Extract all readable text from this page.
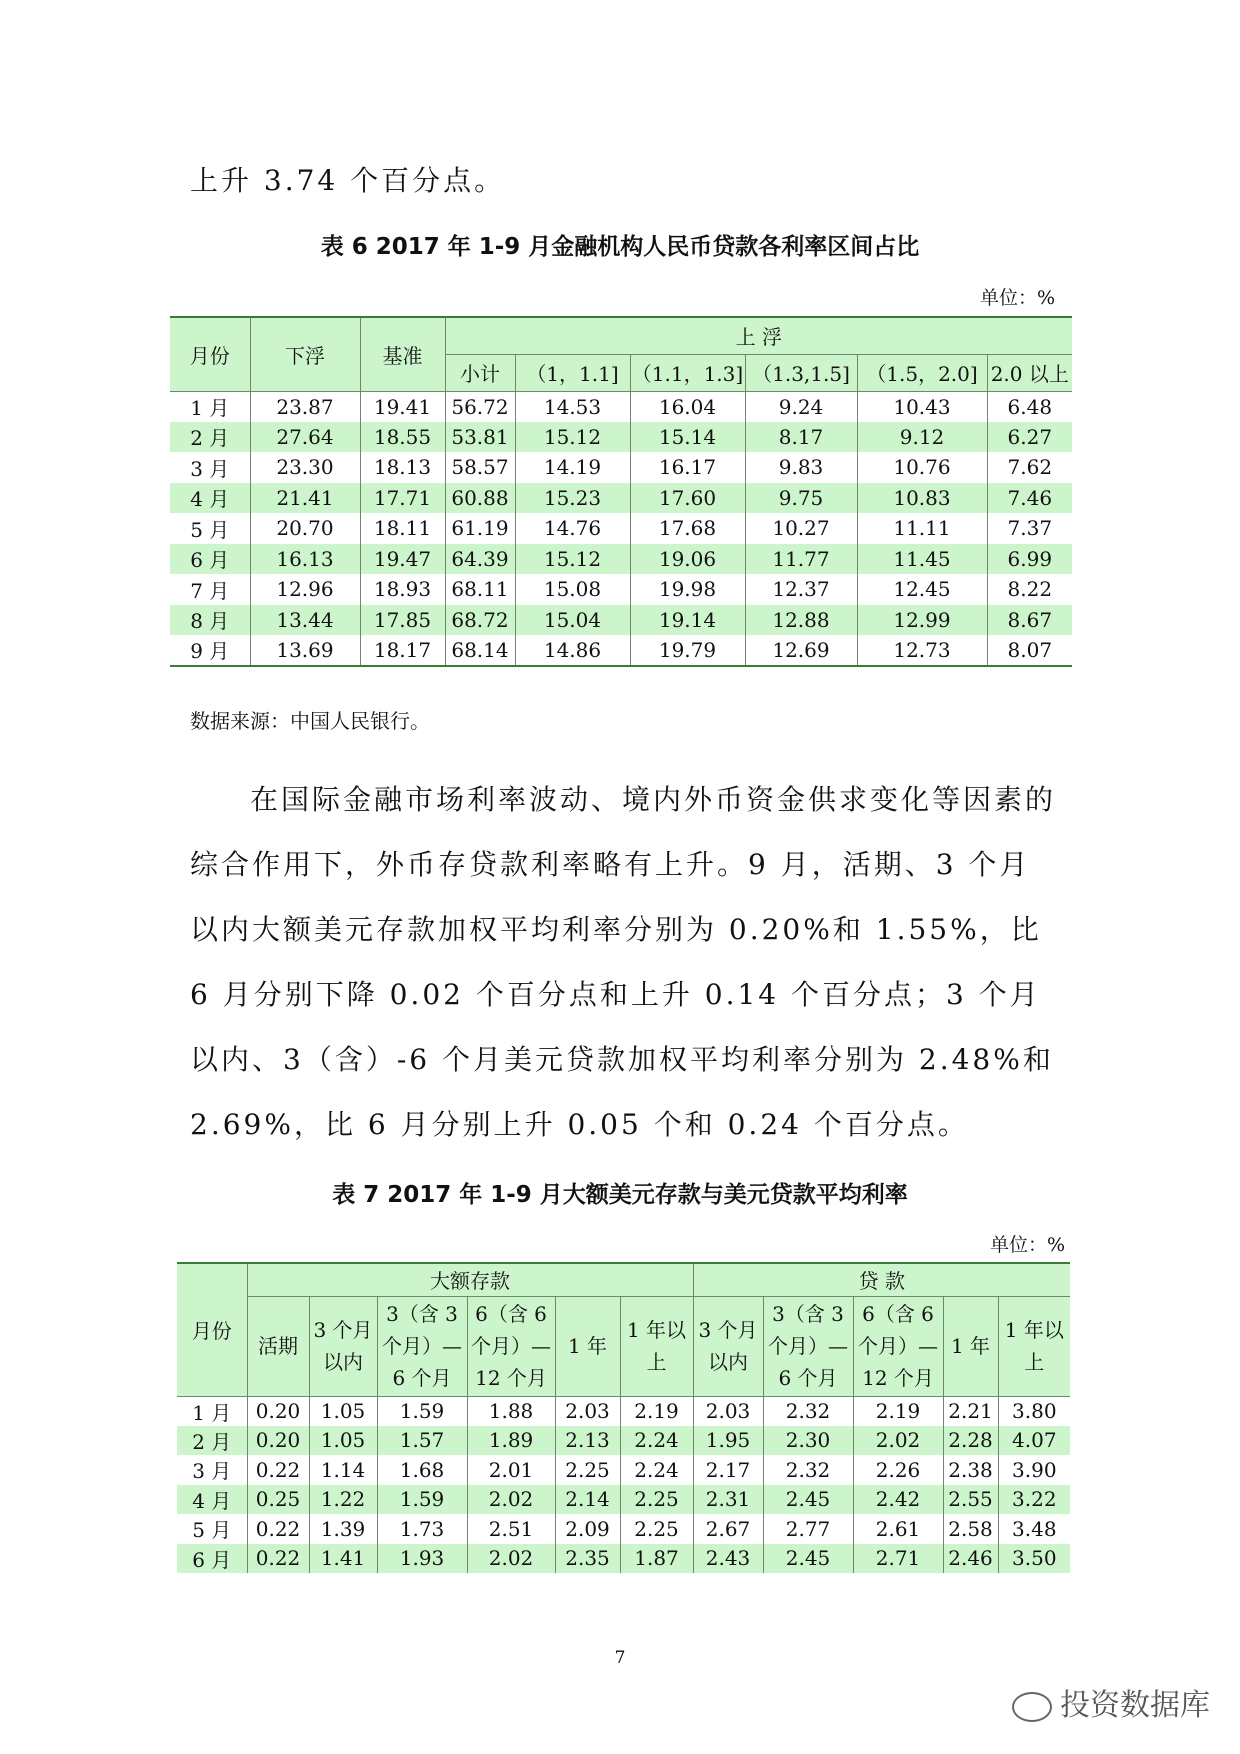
上升 3.74 个百分点。
表 6 2017 年 1-9 月金融机构人民币贷款各利率区间占比
单位：%
月份	下浮	基准	上 浮					
			小计	（1，1.1]	（1.1，1.3]	（1.3,1.5]	（1.5，2.0]	2.0 以上
1 月	23.87	19.41	56.72	14.53	16.04	9.24	10.43	6.48
2 月	27.64	18.55	53.81	15.12	15.14	8.17	9.12	6.27
3 月	23.30	18.13	58.57	14.19	16.17	9.83	10.76	7.62
4 月	21.41	17.71	60.88	15.23	17.60	9.75	10.83	7.46
5 月	20.70	18.11	61.19	14.76	17.68	10.27	11.11	7.37
6 月	16.13	19.47	64.39	15.12	19.06	11.77	11.45	6.99
7 月	12.96	18.93	68.11	15.08	19.98	12.37	12.45	8.22
8 月	13.44	17.85	68.72	15.04	19.14	12.88	12.99	8.67
9 月	13.69	18.17	68.14	14.86	19.79	12.69	12.73	8.07
数据来源：中国人民银行。
在国际金融市场利率波动、境内外币资金供求变化等因素的综合作用下，外币存贷款利率略有上升。9 月，活期、3 个月以内大额美元存款加权平均利率分别为 0.20%和 1.55%，比 6 月分别下降 0.02 个百分点和上升 0.14 个百分点；3 个月以内、3（含）-6 个月美元贷款加权平均利率分别为 2.48%和 2.69%，比 6 月分别上升 0.05 个和 0.24 个百分点。
表 7 2017 年 1-9 月大额美元存款与美元贷款平均利率
单位：%
月份	大额存款						贷 款				
	活期	3 个月以内	3（含 3 个月）—6 个月	6（含 6 个月）—12 个月	1 年	1 年以上	3 个月以内	3（含 3 个月）—6 个月	6（含 6 个月）—12 个月	1 年	1 年以上
1 月	0.20	1.05	1.59	1.88	2.03	2.19	2.03	2.32	2.19	2.21	3.80
2 月	0.20	1.05	1.57	1.89	2.13	2.24	1.95	2.30	2.02	2.28	4.07
3 月	0.22	1.14	1.68	2.01	2.25	2.24	2.17	2.32	2.26	2.38	3.90
4 月	0.25	1.22	1.59	2.02	2.14	2.25	2.31	2.45	2.42	2.55	3.22
5 月	0.22	1.39	1.73	2.51	2.09	2.25	2.67	2.77	2.61	2.58	3.48
6 月	0.22	1.41	1.93	2.02	2.35	1.87	2.43	2.45	2.71	2.46	3.50
7
投资数据库
